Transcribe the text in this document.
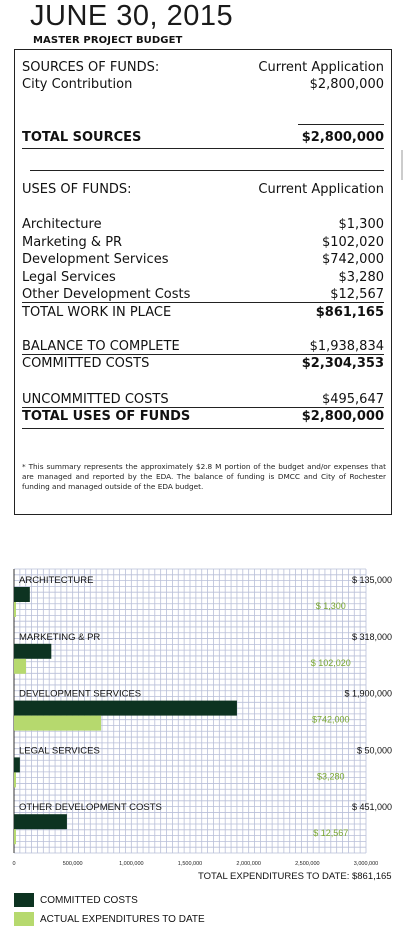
JUNE 30, 2015
MASTER PROJECT BUDGET
SOURCES OF FUNDS:	Current Application
City Contribution	$2,800,000
TOTAL SOURCES	$2,800,000
USES OF FUNDS:	Current Application
Architecture	$1,300
Marketing & PR	$102,020
Development Services	$742,000
Legal Services	$3,280
Other Development Costs	$12,567
TOTAL WORK IN PLACE	$861,165
BALANCE TO COMPLETE	$1,938,834
COMMITTED COSTS	$2,304,353
UNCOMMITTED COSTS	$495,647
TOTAL USES OF FUNDS	$2,800,000
* This summary represents the approximately $2.8 M portion of the budget and/or expenses that are managed and reported by the EDA. The balance of funding is DMCC and City of Rochester funding and managed outside of the EDA budget.
ARCHITECTURE	$ 135,000
$ 1,300
MARKETING & PR	$ 318,000
$ 102,020
DEVELOPMENT SERVICES	$ 1,900,000
$742,000
LEGAL SERVICES	$ 50,000
$3,280
OTHER DEVELOPMENT COSTS	$ 451,000
$ 12,567
0	500,000	1,000,000	1,500,000	2,000,000	2,500,000	3,000,000
TOTAL EXPENDITURES TO DATE: $861,165
COMMITTED COSTS
ACTUAL EXPENDITURES TO DATE
